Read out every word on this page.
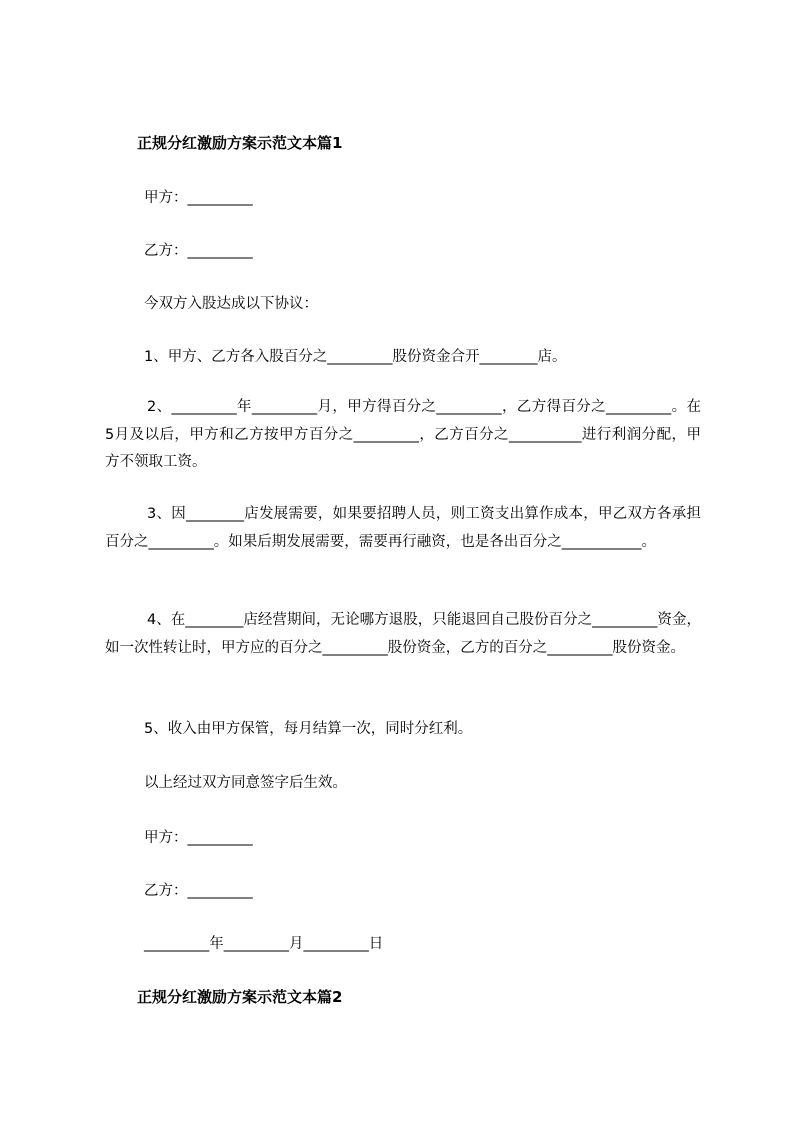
正规分红激励方案示范文本篇1
甲方：_________
乙方：_________
今双方入股达成以下协议：
1、甲方、乙方各入股百分之_________股份资金合开________店。
2、_________年_________月，甲方得百分之_________，乙方得百分之_________。在5月及以后，甲方和乙方按甲方百分之_________，乙方百分之__________进行利润分配，甲方不领取工资。
3、因________店发展需要，如果要招聘人员，则工资支出算作成本，甲乙双方各承担百分之_________。如果后期发展需要，需要再行融资，也是各出百分之___________。
4、在________店经营期间，无论哪方退股，只能退回自己股份百分之_________资金，如一次性转让时，甲方应的百分之_________股份资金，乙方的百分之_________股份资金。
5、收入由甲方保管，每月结算一次，同时分红利。
以上经过双方同意签字后生效。
甲方：_________
乙方：_________
_________年_________月_________日
正规分红激励方案示范文本篇2
